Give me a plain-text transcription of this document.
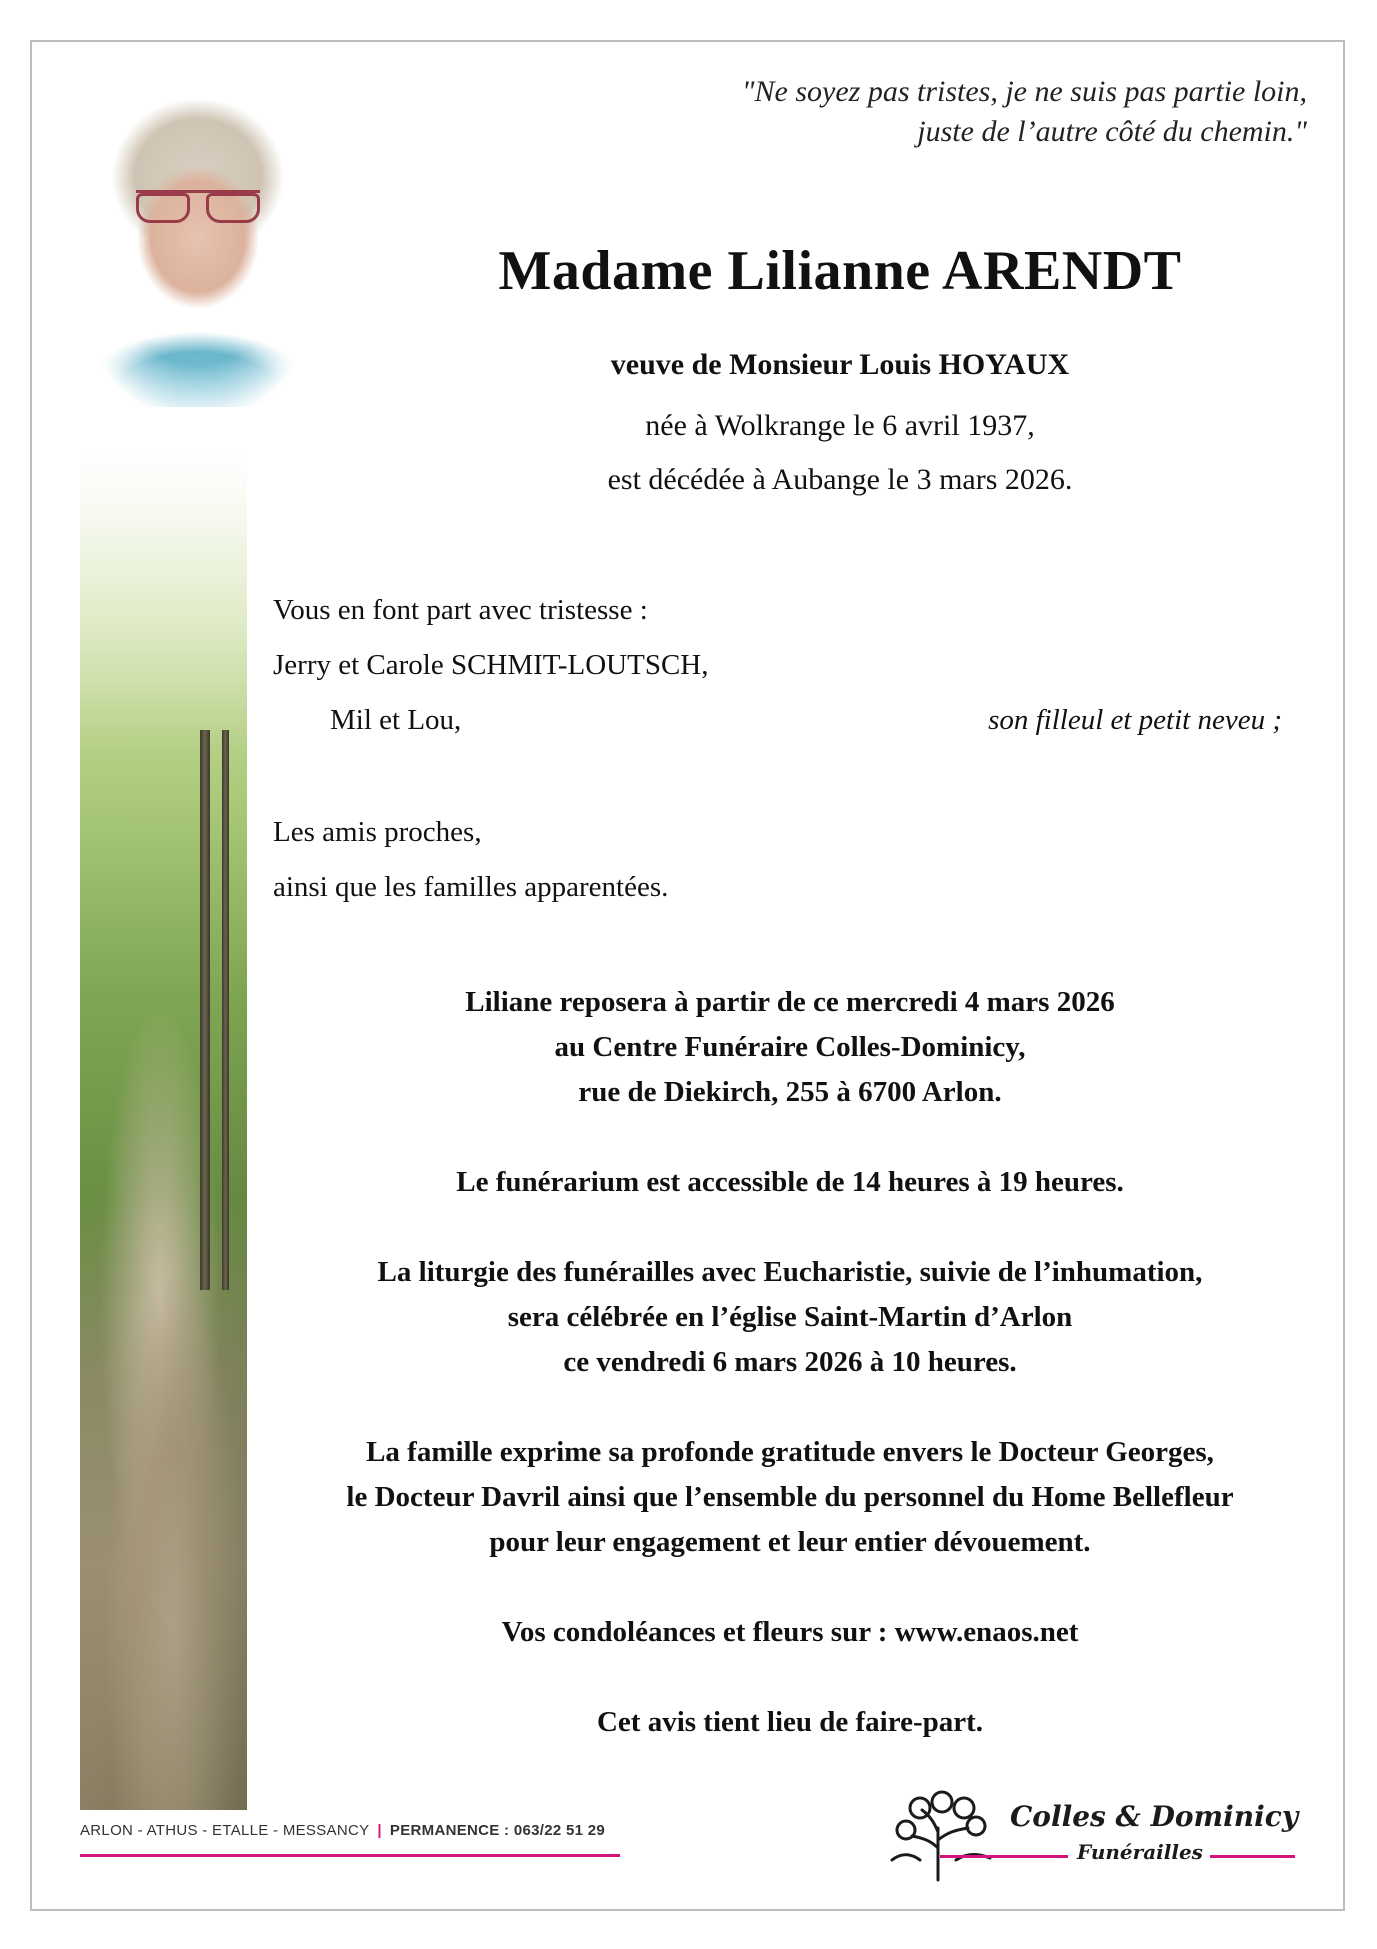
"Ne soyez pas tristes, je ne suis pas partie loin,
juste de l’autre côté du chemin."
Madame Lilianne ARENDT
veuve de Monsieur Louis HOYAUX
née à Wolkrange le 6 avril 1937,
est décédée à Aubange le 3 mars 2026.
Vous en font part avec tristesse :
Jerry et Carole SCHMIT-LOUTSCH,
Mil et Lou,	son filleul et petit neveu ;
Les amis proches,
ainsi que les familles apparentées.
Liliane reposera à partir de ce mercredi 4 mars 2026
au Centre Funéraire Colles-Dominicy,
rue de Diekirch, 255 à 6700 Arlon.
Le funérarium est accessible de 14 heures à 19 heures.
La liturgie des funérailles avec Eucharistie, suivie de l’inhumation,
sera célébrée en l’église Saint-Martin d’Arlon
ce vendredi 6 mars 2026 à 10 heures.
La famille exprime sa profonde gratitude envers le Docteur Georges,
le Docteur Davril ainsi que l’ensemble du personnel du Home Bellefleur
pour leur engagement et leur entier dévouement.
Vos condoléances et fleurs sur : www.enaos.net
Cet avis tient lieu de faire-part.
ARLON - ATHUS - ETALLE - MESSANCY | PERMANENCE : 063/22 51 29	Colles & Dominicy
Funérailles
